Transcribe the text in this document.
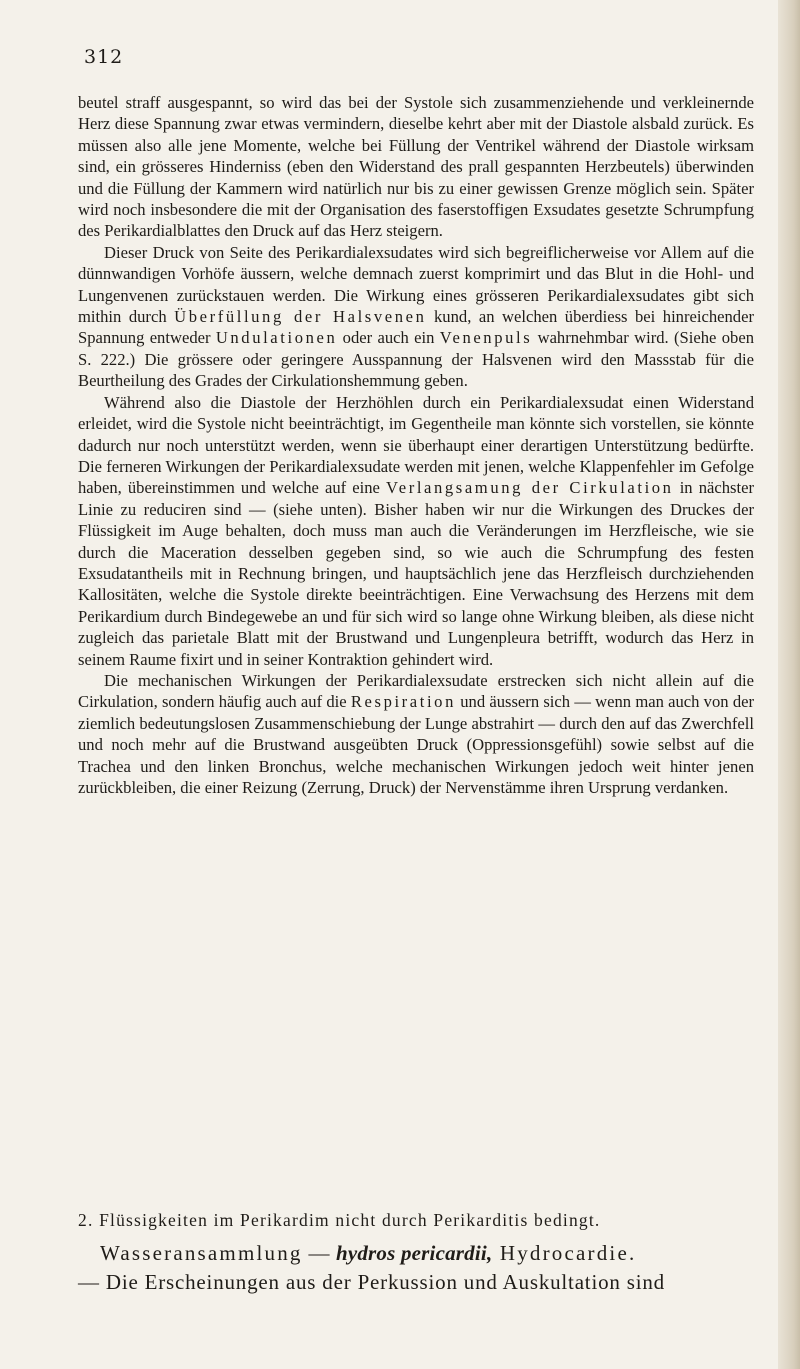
312

beutel straff ausgespannt, so wird das bei der Systole sich zusammenziehende und verkleinernde Herz diese Spannung zwar etwas vermindern, dieselbe kehrt aber mit der Diastole alsbald zurück. Es müssen also alle jene Momente, welche bei Füllung der Ventrikel während der Diastole wirksam sind, ein grösseres Hinderniss (eben den Widerstand des prall gespannten Herzbeutels) überwinden und die Füllung der Kammern wird natürlich nur bis zu einer gewissen Grenze möglich sein. Später wird noch insbesondere die mit der Organisation des faserstoffigen Exsudates gesetzte Schrumpfung des Perikardialblattes den Druck auf das Herz steigern.

Dieser Druck von Seite des Perikardialexsudates wird sich begreiflicherweise vor Allem auf die dünnwandigen Vorhöfe äussern, welche demnach zuerst komprimirt und das Blut in die Hohl- und Lungenvenen zurückstauen werden. Die Wirkung eines grösseren Perikardialexsudates gibt sich mithin durch Überfüllung der Halsvenen kund, an welchen überdiess bei hinreichender Spannung entweder Undulationen oder auch ein Venenpuls wahrnehmbar wird. (Siehe oben S. 222.) Die grössere oder geringere Ausspannung der Halsvenen wird den Massstab für die Beurtheilung des Grades der Cirkulationshemmung geben.

Während also die Diastole der Herzhöhlen durch ein Perikardialexsudat einen Widerstand erleidet, wird die Systole nicht beeinträchtigt, im Gegentheile man könnte sich vorstellen, sie könnte dadurch nur noch unterstützt werden, wenn sie überhaupt einer derartigen Unterstützung bedürfte. Die ferneren Wirkungen der Perikardialexsudate werden mit jenen, welche Klappenfehler im Gefolge haben, übereinstimmen und welche auf eine Verlangsamung der Cirkulation in nächster Linie zu reduciren sind — (siehe unten). Bisher haben wir nur die Wirkungen des Druckes der Flüssigkeit im Auge behalten, doch muss man auch die Veränderungen im Herzfleische, wie sie durch die Maceration desselben gegeben sind, so wie auch die Schrumpfung des festen Exsudatantheils mit in Rechnung bringen, und hauptsächlich jene das Herzfleisch durchziehenden Kallositäten, welche die Systole direkte beeinträchtigen. Eine Verwachsung des Herzens mit dem Perikardium durch Bindegewebe an und für sich wird so lange ohne Wirkung bleiben, als diese nicht zugleich das parietale Blatt mit der Brustwand und Lungenpleura betrifft, wodurch das Herz in seinem Raume fixirt und in seiner Kontraktion gehindert wird.

Die mechanischen Wirkungen der Perikardialexsudate erstrecken sich nicht allein auf die Cirkulation, sondern häufig auch auf die Respiration und äussern sich — wenn man auch von der ziemlich bedeutungslosen Zusammenschiebung der Lunge abstrahirt — durch den auf das Zwerchfell und noch mehr auf die Brustwand ausgeübten Druck (Oppressionsgefühl) sowie selbst auf die Trachea und den linken Bronchus, welche mechanischen Wirkungen jedoch weit hinter jenen zurückbleiben, die einer Reizung (Zerrung, Druck) der Nervenstämme ihren Ursprung verdanken.

2. Flüssigkeiten im Perikardim nicht durch Perikarditis bedingt.
Wasseransammlung — hydros pericardii, Hydrocardie.
— Die Erscheinungen aus der Perkussion und Auskultation sind
